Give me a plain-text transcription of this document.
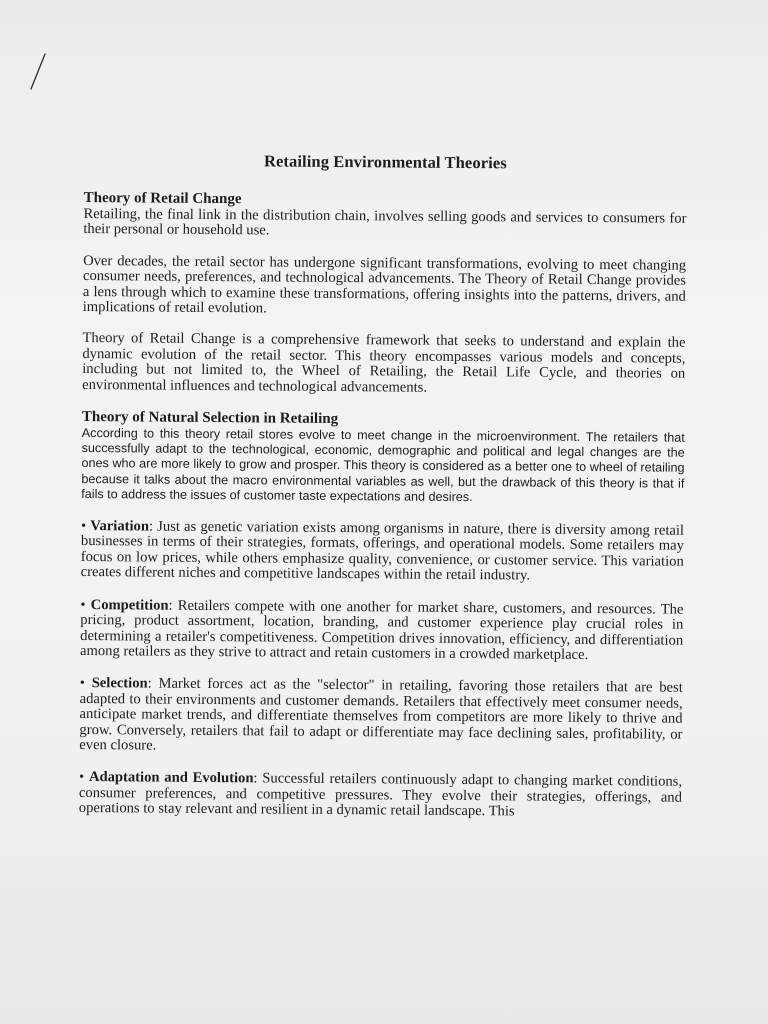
Retailing Environmental Theories
Theory of Retail Change

Retailing, the final link in the distribution chain, involves selling goods and services to consumers for their personal or household use.

Over decades, the retail sector has undergone significant transformations, evolving to meet changing consumer needs, preferences, and technological advancements. The Theory of Retail Change provides a lens through which to examine these transformations, offering insights into the patterns, drivers, and implications of retail evolution.

Theory of Retail Change is a comprehensive framework that seeks to understand and explain the dynamic evolution of the retail sector. This theory encompasses various models and concepts, including but not limited to, the Wheel of Retailing, the Retail Life Cycle, and theories on environmental influences and technological advancements.

Theory of Natural Selection in Retailing

According to this theory retail stores evolve to meet change in the microenvironment. The retailers that successfully adapt to the technological, economic, demographic and political and legal changes are the ones who are more likely to grow and prosper. This theory is considered as a better one to wheel of retailing because it talks about the macro environmental variables as well, but the drawback of this theory is that if fails to address the issues of customer taste expectations and desires.

• Variation: Just as genetic variation exists among organisms in nature, there is diversity among retail businesses in terms of their strategies, formats, offerings, and operational models. Some retailers may focus on low prices, while others emphasize quality, convenience, or customer service. This variation creates different niches and competitive landscapes within the retail industry.

• Competition: Retailers compete with one another for market share, customers, and resources. The pricing, product assortment, location, branding, and customer experience play crucial roles in determining a retailer's competitiveness. Competition drives innovation, efficiency, and differentiation among retailers as they strive to attract and retain customers in a crowded marketplace.

• Selection: Market forces act as the "selector" in retailing, favoring those retailers that are best adapted to their environments and customer demands. Retailers that effectively meet consumer needs, anticipate market trends, and differentiate themselves from competitors are more likely to thrive and grow. Conversely, retailers that fail to adapt or differentiate may face declining sales, profitability, or even closure.

• Adaptation and Evolution: Successful retailers continuously adapt to changing market conditions, consumer preferences, and competitive pressures. They evolve their strategies, offerings, and operations to stay relevant and resilient in a dynamic retail landscape. This
